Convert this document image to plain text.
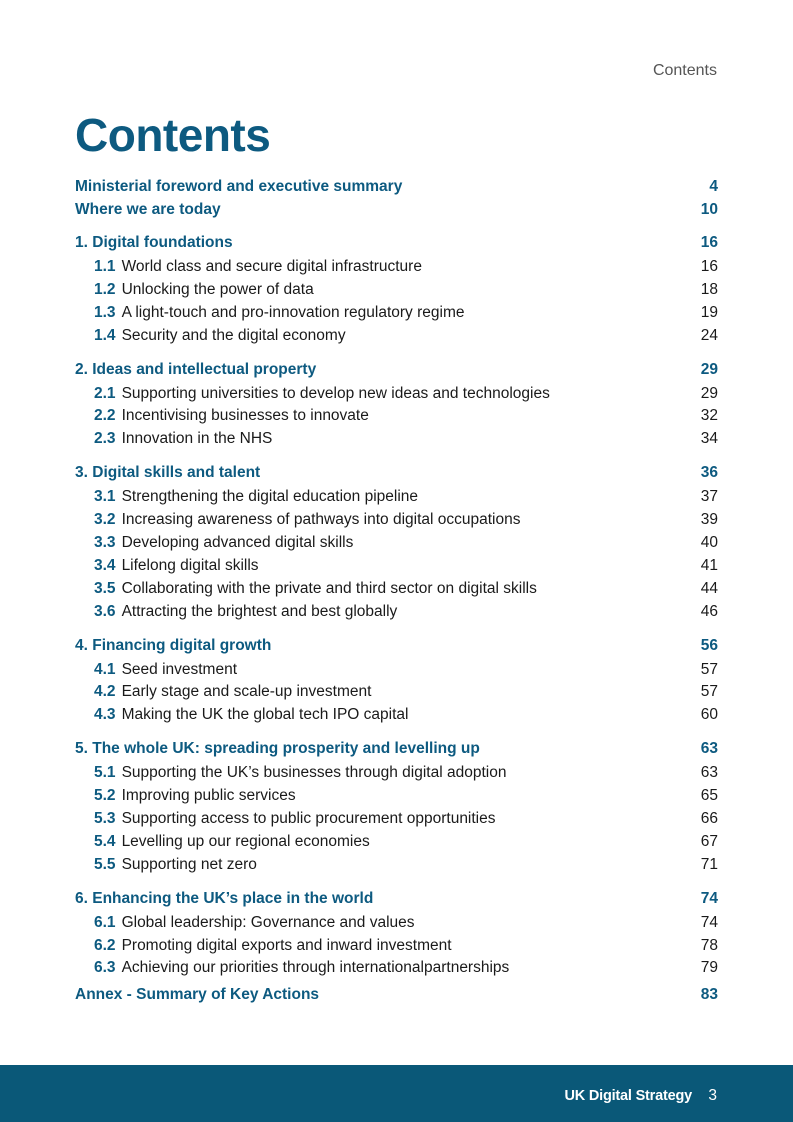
Contents
Contents
Ministerial foreword and executive summary	4
Where we are today	10
1. Digital foundations	16
1.1 World class and secure digital infrastructure	16
1.2 Unlocking the power of data	18
1.3 A light-touch and pro-innovation regulatory regime	19
1.4 Security and the digital economy	24
2. Ideas and intellectual property	29
2.1 Supporting universities to develop new ideas and technologies	29
2.2 Incentivising businesses to innovate	32
2.3 Innovation in the NHS	34
3. Digital skills and talent	36
3.1 Strengthening the digital education pipeline	37
3.2 Increasing awareness of pathways into digital occupations	39
3.3 Developing advanced digital skills	40
3.4 Lifelong digital skills	41
3.5 Collaborating with the private and third sector on digital skills	44
3.6 Attracting the brightest and best globally	46
4. Financing digital growth	56
4.1 Seed investment	57
4.2 Early stage and scale-up investment	57
4.3 Making the UK the global tech IPO capital	60
5. The whole UK: spreading prosperity and levelling up	63
5.1 Supporting the UK’s businesses through digital adoption	63
5.2 Improving public services	65
5.3 Supporting access to public procurement opportunities	66
5.4 Levelling up our regional economies	67
5.5 Supporting net zero	71
6. Enhancing the UK’s place in the world	74
6.1 Global leadership: Governance and values	74
6.2 Promoting digital exports and inward investment	78
6.3 Achieving our priorities through internationalpartnerships	79
Annex - Summary of Key Actions	83
UK Digital Strategy 3
